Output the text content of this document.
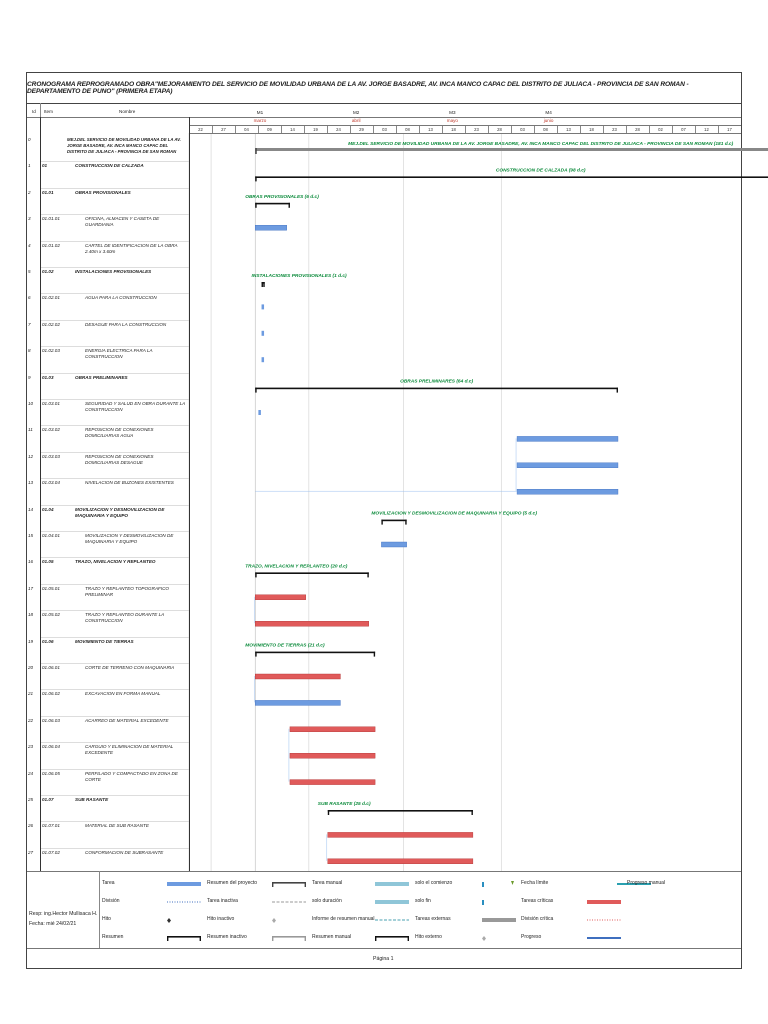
CRONOGRAMA REPROGRAMADO OBRA"MEJORAMIENTO DEL SERVICIO DE MOVILIDAD URBANA DE LA AV. JORGE BASADRE, AV. INCA MANCO CAPAC DEL DISTRITO DE JULIACA - PROVINCIA DE SAN ROMAN - DEPARTAMENTO DE PUNO" (PRIMERA ETAPA)
Id Item	Nombre	M1
marzo
M2
abril
M3
mayo
M4
junio
22	27	04	09	14	19	24	29	03	08	13	18	23	28	03	08	13	18	23	28	02	07	12	17
0	MEJ.DEL SERVICIO DE MOVILIDAD URBANA DE LA AV. JORGE BASADRE, AV. INCA MANCO CAPAC DEL DISTRITO DE JULIACA - PROVINCIA DE SAN ROMAN
1 01	CONSTRUCCION DE CALZADA
2 01.01	OBRAS PROVISIONALES
3 01.01.01	OFICINA, ALMACEN Y CASETA DE GUARDIANIA
4 01.01.02	CARTEL DE IDENTIFICACION DE LA OBRA 2.40m x 3.60m
5 01.02	INSTALACIONES PROVISIONALES
6 01.02.01	AGUA PARA LA CONSTRUCCION
7 01.02.02	DESAGUE PARA LA CONSTRUCCION
8 01.02.03	ENERGIA ELECTRICA PARA LA CONSTRUCCION
9 01.03	OBRAS PRELIMINARES
10 01.03.01	SEGURIDAD Y SALUD EN OBRA DURANTE LA CONSTRUCCION
11 01.03.02	REPOSICION DE CONEXIONES DOMICILIARIAS AGUA
12 01.03.03	REPOSICION DE CONEXIONES DOMICILIARIAS DESAGUE
13 01.03.04	NIVELACION DE BUZONES EXISTENTES
14 01.04	MOVILIZACION Y DESMOVILIZACION DE MAQUINARIA Y EQUIPO
15 01.04.01	MOVILIZACION Y DESMOVILIZACION DE MAQUINARIA Y EQUIPO
16 01.05	TRAZO, NIVELACION Y REPLANTEO
17 01.05.01	TRAZO Y REPLANTEO TOPOGRAFICO PRELIMINAR
18 01.05.02	TRAZO Y REPLANTEO DURANTE LA CONSTRUCCION
19 01.06	MOVIMIENTO DE TIERRAS
20 01.06.01	CORTE DE TERRENO CON MAQUINARIA
21 01.06.02	EXCAVACION EN FORMA MANUAL
22 01.06.03	ACARREO DE MATERIAL EXCEDENTE
23 01.06.04	CARGUIO Y ELIMINACION DE MATERIAL EXCEDENTE
24 01.06.05	PERFILADO Y COMPACTADO EN ZONA DE CORTE
25 01.07	SUB RASANTE
26 01.07.01	MATERIAL DE SUB RASANTE
27 01.07.02	CONFORMACION DE SUBRASANTE
MEJ.DEL SERVICIO DE MOVILIDAD URBANA DE LA AV. JORGE BASADRE, AV. INCA MANCO CAPAC DEL DISTRITO DE JULIACA - PROVINCIA DE SAN ROMAN (181 d.c)
CONSTRUCCION DE CALZADA (98 d.c)
OBRAS PROVISIONALES (6 d.c)
INSTALACIONES PROVISIONALES (1 d.c)
OBRAS PRELIMINARES (64 d.c)
MOVILIZACION Y DESMOVILIZACION DE MAQUINARIA Y EQUIPO (5 d.c)
TRAZO, NIVELACION Y REPLANTEO (20 d.c)
MOVIMIENTO DE TIERRAS (21 d.c)
SUB RASANTE (25 d.c)
Tarea
División
Hito
Resumen
Resumen del proyecto
Tarea inactiva
Hito inactivo
Resumen inactivo
Tarea manual
solo duración
Informe de resumen manual
Resumen manual
solo el comienzo
solo fin
Tareas externas
Hito externo
Fecha límite
Tareas críticas
División crítica
Progreso
Progreso manual
Resp: ing.Hector Mullisaca H.
Fecha: mié 24/02/21
Página 1
